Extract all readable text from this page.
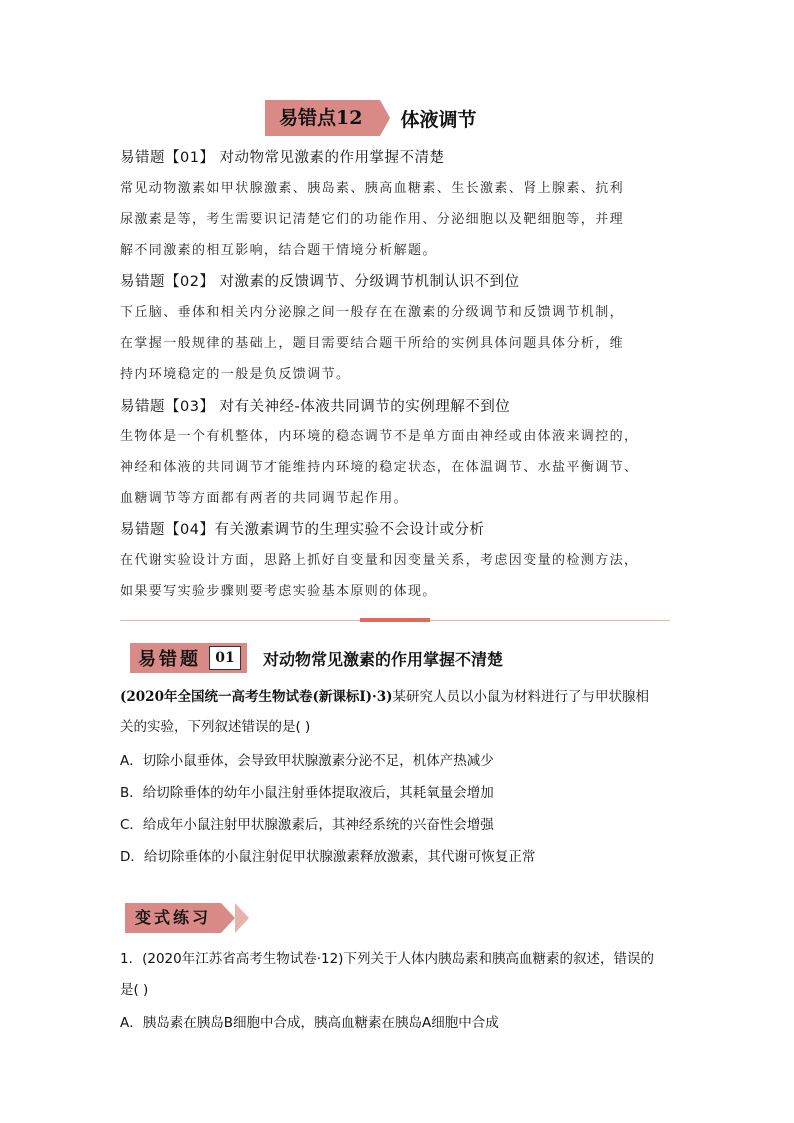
易错点12	体液调节
易错题【01】 对动物常见激素的作用掌握不清楚
常见动物激素如甲状腺激素、胰岛素、胰高血糖素、生长激素、肾上腺素、抗利
尿激素是等，考生需要识记清楚它们的功能作用、分泌细胞以及靶细胞等，并理
解不同激素的相互影响，结合题干情境分析解题。
易错题【02】 对激素的反馈调节、分级调节机制认识不到位
下丘脑、垂体和相关内分泌腺之间一般存在在激素的分级调节和反馈调节机制，
在掌握一般规律的基础上，题目需要结合题干所给的实例具体问题具体分析，维
持内环境稳定的一般是负反馈调节。
易错题【03】 对有关神经-体液共同调节的实例理解不到位
生物体是一个有机整体，内环境的稳态调节不是单方面由神经或由体液来调控的，
神经和体液的共同调节才能维持内环境的稳定状态，在体温调节、水盐平衡调节、
血糖调节等方面都有两者的共同调节起作用。
易错题【04】有关激素调节的生理实验不会设计或分析
在代谢实验设计方面，思路上抓好自变量和因变量关系，考虑因变量的检测方法，
如果要写实验步骤则要考虑实验基本原则的体现。
易错题	01	对动物常见激素的作用掌握不清楚
(2020年全国统一高考生物试卷(新课标Ⅰ)·3)某研究人员以小鼠为材料进行了与甲状腺相
关的实验，下列叙述错误的是( )
A．切除小鼠垂体，会导致甲状腺激素分泌不足，机体产热减少
B．给切除垂体的幼年小鼠注射垂体提取液后，其耗氧量会增加
C．给成年小鼠注射甲状腺激素后，其神经系统的兴奋性会增强
D．给切除垂体的小鼠注射促甲状腺激素释放激素，其代谢可恢复正常
变式练习
1．(2020年江苏省高考生物试卷·12)下列关于人体内胰岛素和胰高血糖素的叙述，错误的
是( )
A．胰岛素在胰岛B细胞中合成，胰高血糖素在胰岛A细胞中合成
